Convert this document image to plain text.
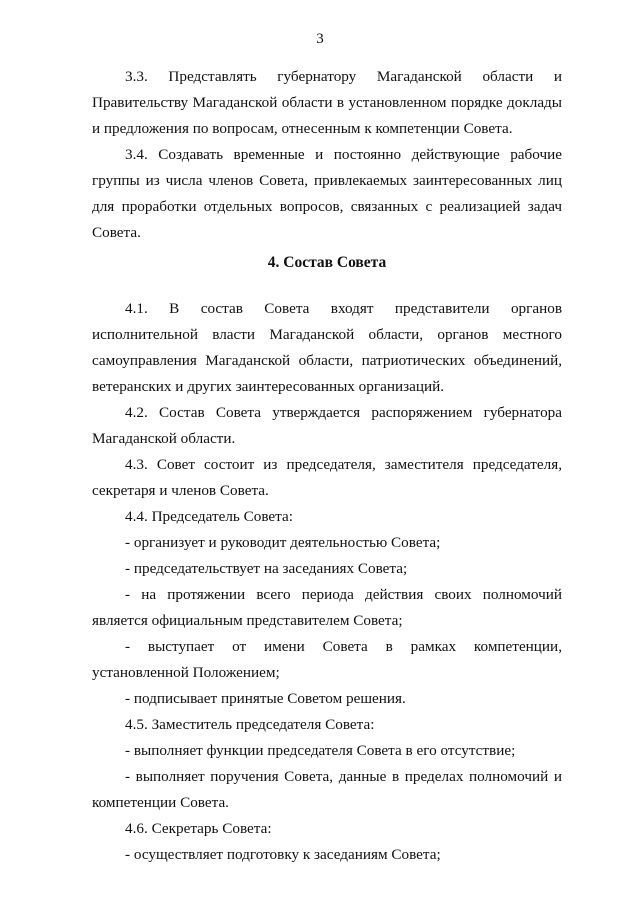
3

3.3. Представлять губернатору Магаданской области и Правительству Магаданской области в установленном порядке доклады и предложения по вопросам, отнесенным к компетенции Совета.

3.4. Создавать временные и постоянно действующие рабочие группы из числа членов Совета, привлекаемых заинтересованных лиц для проработки отдельных вопросов, связанных с реализацией задач Совета.

4. Состав Совета

4.1. В состав Совета входят представители органов исполнительной власти Магаданской области, органов местного самоуправления Магаданской области, патриотических объединений, ветеранских и других заинтересованных организаций.

4.2. Состав Совета утверждается распоряжением губернатора Магаданской области.

4.3. Совет состоит из председателя, заместителя председателя, секретаря и членов Совета.

4.4. Председатель Совета:

- организует и руководит деятельностью Совета;

- председательствует на заседаниях Совета;

- на протяжении всего периода действия своих полномочий является официальным представителем Совета;

- выступает от имени Совета в рамках компетенции, установленной Положением;

- подписывает принятые Советом решения.

4.5. Заместитель председателя Совета:

- выполняет функции председателя Совета в его отсутствие;

- выполняет поручения Совета, данные в пределах полномочий и компетенции Совета.

4.6. Секретарь Совета:

- осуществляет подготовку к заседаниям Совета;
